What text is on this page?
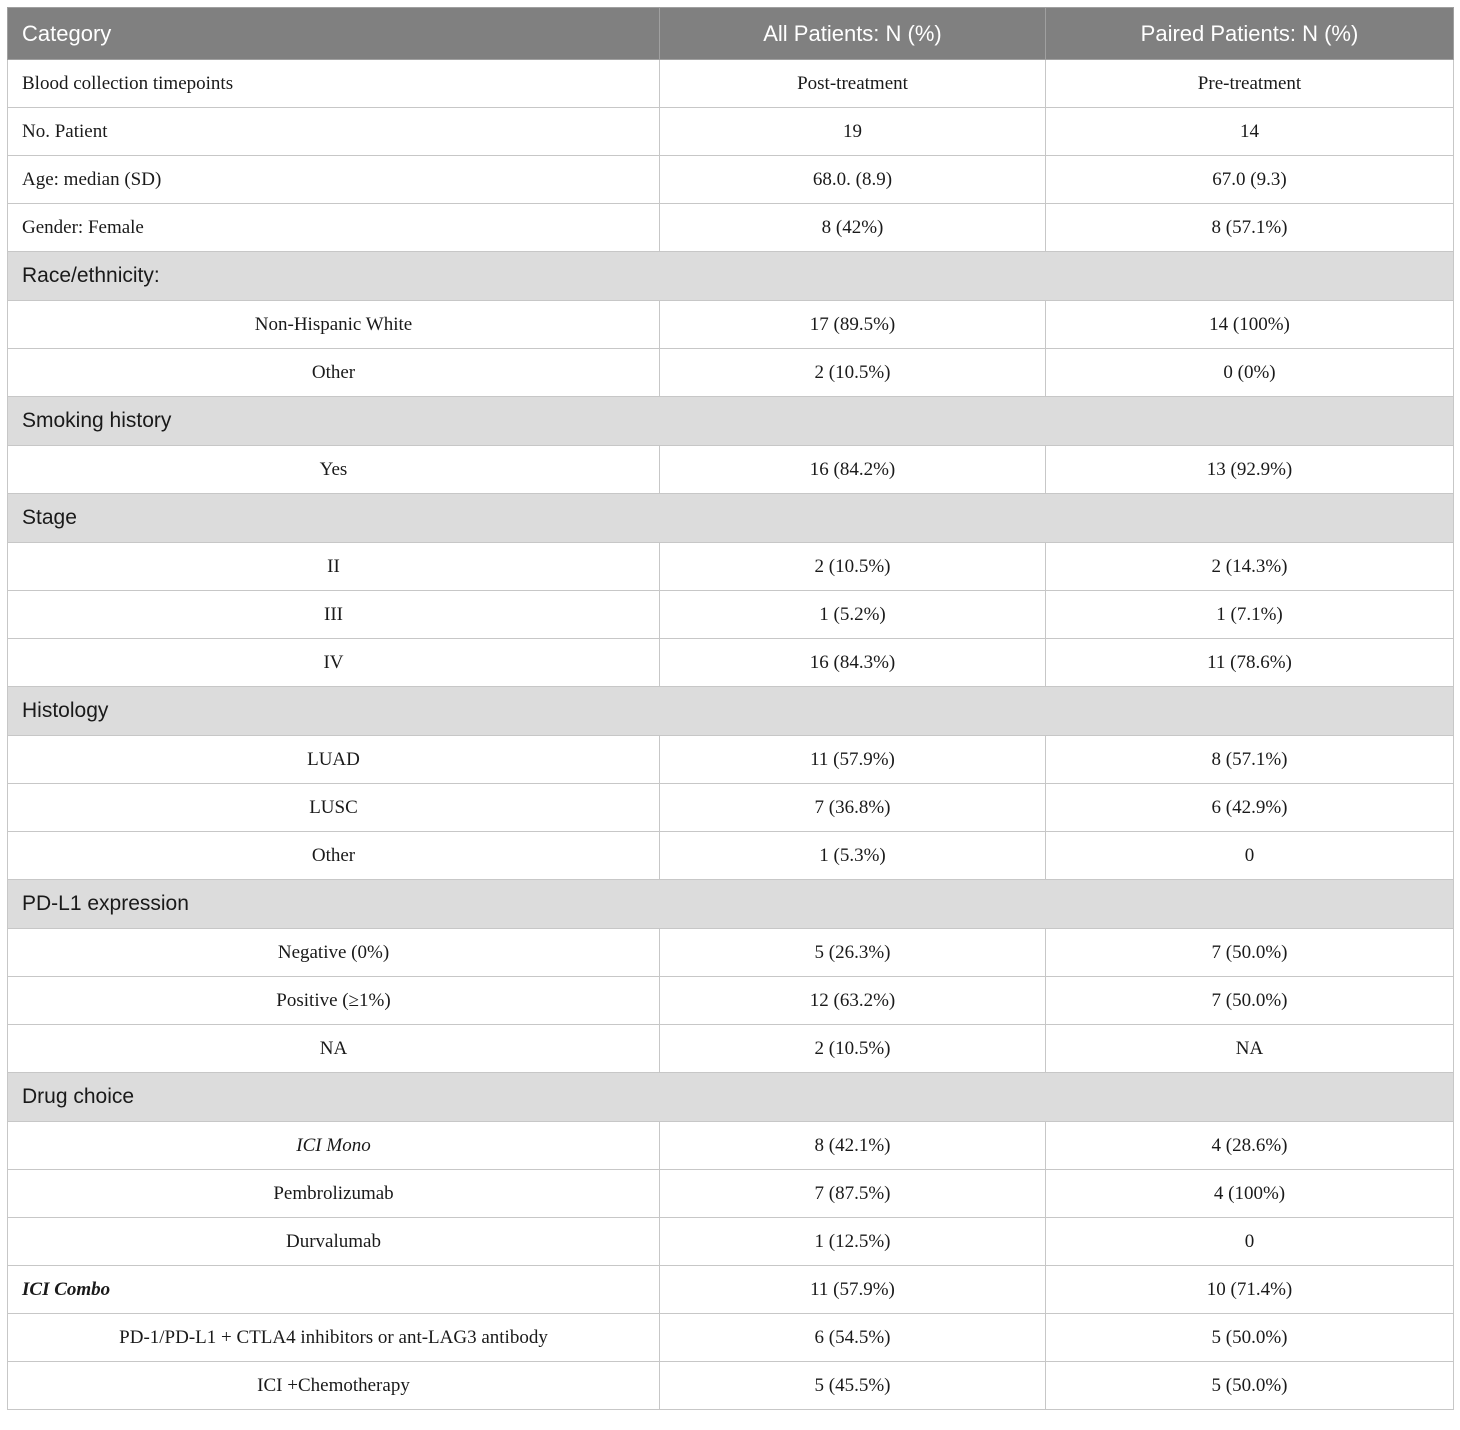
Category	All Patients: N (%)	Paired Patients: N (%)
Blood collection timepoints	Post-treatment	Pre-treatment
No. Patient	19	14
Age: median (SD)	68.0. (8.9)	67.0 (9.3)
Gender: Female	8 (42%)	8 (57.1%)
Race/ethnicity:		
Non-Hispanic White	17 (89.5%)	14 (100%)
Other	2 (10.5%)	0 (0%)
Smoking history		
Yes	16 (84.2%)	13 (92.9%)
Stage		
II	2 (10.5%)	2 (14.3%)
III	1 (5.2%)	1 (7.1%)
IV	16 (84.3%)	11 (78.6%)
Histology		
LUAD	11 (57.9%)	8 (57.1%)
LUSC	7 (36.8%)	6 (42.9%)
Other	1 (5.3%)	0
PD-L1 expression		
Negative (0%)	5 (26.3%)	7 (50.0%)
Positive (≥1%)	12 (63.2%)	7 (50.0%)
NA	2 (10.5%)	NA
Drug choice		
ICI Mono	8 (42.1%)	4 (28.6%)
Pembrolizumab	7 (87.5%)	4 (100%)
Durvalumab	1 (12.5%)	0
ICI Combo	11 (57.9%)	10 (71.4%)
PD-1/PD-L1 + CTLA4 inhibitors or ant-LAG3 antibody	6 (54.5%)	5 (50.0%)
ICI +Chemotherapy	5 (45.5%)	5 (50.0%)
